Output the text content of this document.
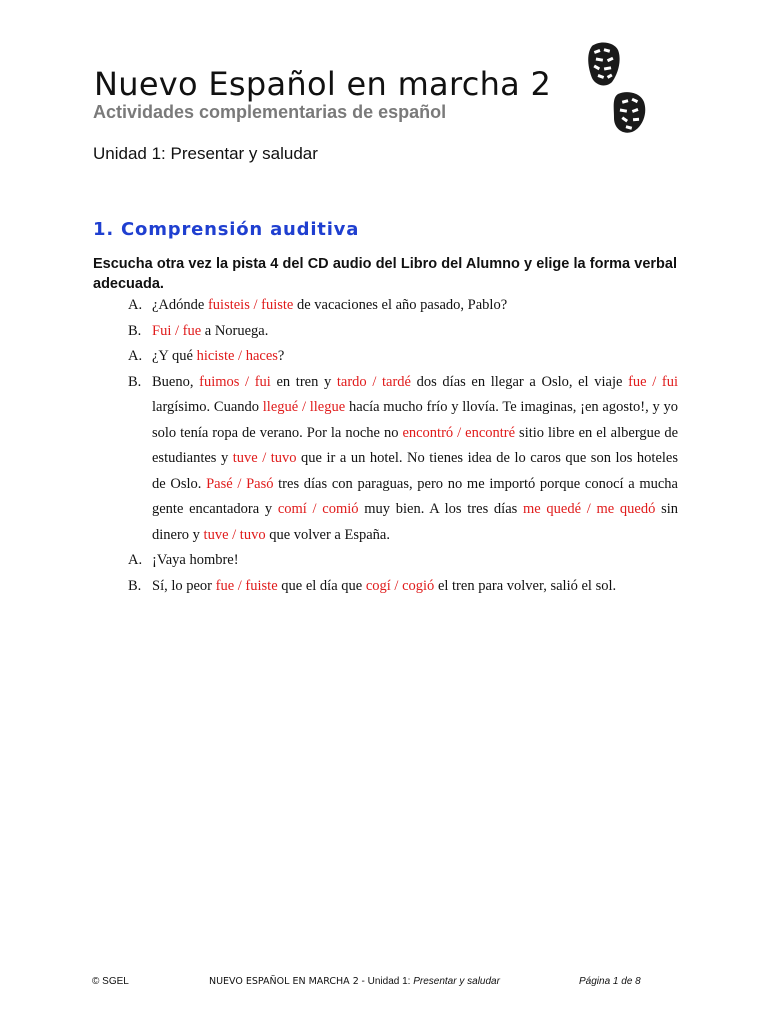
Nuevo Español en marcha 2
Actividades complementarias de español
Unidad 1: Presentar y saludar
1. Comprensión auditiva

Escucha otra vez la pista 4 del CD audio del Libro del Alumno y elige la forma verbal adecuada.

A. ¿Adónde fuisteis / fuiste de vacaciones el año pasado, Pablo?
B. Fui / fue a Noruega.
A. ¿Y qué hiciste / haces?
B. Bueno, fuimos / fui en tren y tardo / tardé dos días en llegar a Oslo, el viaje fue / fui largísimo. Cuando llegué / llegue hacía mucho frío y llovía. Te imaginas, ¡en agosto!, y yo solo tenía ropa de verano. Por la noche no encontró / encontré sitio libre en el albergue de estudiantes y tuve / tuvo que ir a un hotel. No tienes idea de lo caros que son los hoteles de Oslo. Pasé / Pasó tres días con paraguas, pero no me importó porque conocí a mucha gente encantadora y comí / comió muy bien. A los tres días me quedé / me quedó sin dinero y tuve / tuvo que volver a España.
A. ¡Vaya hombre!
B. Sí, lo peor fue / fuiste que el día que cogí / cogió el tren para volver, salió el sol.
© SGEL	NUEVO ESPAÑOL EN MARCHA 2 - Unidad 1: Presentar y saludar	Página 1 de 8
